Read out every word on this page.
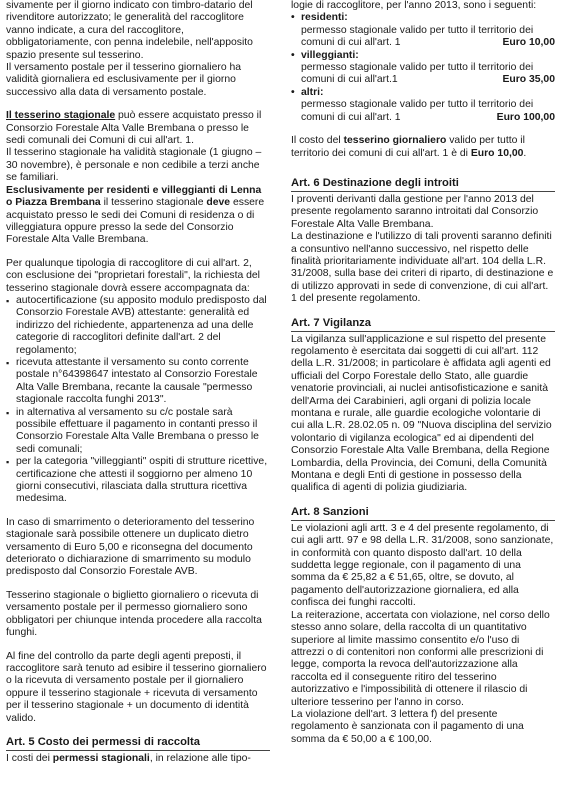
sivamente per il giorno indicato con timbro-datario del rivenditore autorizzato; le generalità del raccoglitore vanno indicate, a cura del raccoglitore, obbligatoriamente, con penna indelebile, nell'apposito spazio presente sul tesserino.

Il versamento postale per il tesserino giornaliero ha validità giornaliera ed esclusivamente per il giorno successivo alla data di versamento postale.

Il tesserino stagionale può essere acquistato presso il Consorzio Forestale Alta Valle Brembana o presso le sedi comunali dei Comuni di cui all'art. 1.

Il tesserino stagionale ha validità stagionale (1 giugno – 30 novembre), è personale e non cedibile a terzi anche se familiari.

Esclusivamente per residenti e villeggianti di Lenna o Piazza Brembana il tesserino stagionale deve essere acquistato presso le sedi dei Comuni di residenza o di villeggiatura oppure presso la sede del Consorzio Forestale Alta Valle Brembana.

Per qualunque tipologia di raccoglitore di cui all'art. 2, con esclusione dei "proprietari forestali", la richiesta del tesserino stagionale dovrà essere accompagnata da:

▪ autocertificazione (su apposito modulo predisposto dal Consorzio Forestale AVB) attestante: generalità ed indirizzo del richiedente, appartenenza ad una delle categorie di raccoglitori definite dall'art. 2 del regolamento;
▪ ricevuta attestante il versamento su conto corrente postale n°64398647 intestato al Consorzio Forestale Alta Valle Brembana, recante la causale "permesso stagionale raccolta funghi 2013".
▪ in alternativa al versamento su c/c postale sarà possibile effettuare il pagamento in contanti presso il Consorzio Forestale Alta Valle Brembana o presso le sedi comunali;
▪ per la categoria "villeggianti" ospiti di strutture ricettive, certificazione che attesti il soggiorno per almeno 10 giorni consecutivi, rilasciata dalla struttura ricettiva medesima.

In caso di smarrimento o deterioramento del tesserino stagionale sarà possibile ottenere un duplicato dietro versamento di Euro 5,00 e riconsegna del documento deteriorato o dichiarazione di smarrimento su modulo predisposto dal Consorzio Forestale AVB.

Tesserino stagionale o biglietto giornaliero o ricevuta di versamento postale per il permesso giornaliero sono obbligatori per chiunque intenda procedere alla raccolta funghi.

Al fine del controllo da parte degli agenti preposti, il raccoglitore sarà tenuto ad esibire il tesserino giornaliero o la ricevuta di versamento postale per il giornaliero oppure il tesserino stagionale + ricevuta di versamento per il tesserino stagionale + un documento di identità valido.

Art. 5 Costo dei permessi di raccolta

I costi dei permessi stagionali, in relazione alle tipo-

logie di raccoglitore, per l'anno 2013, sono i seguenti:

• residenti:
permesso stagionale valido per tutto il territorio dei comuni di cui all'art. 1	Euro 10,00
• villeggianti:
permesso stagionale valido per tutto il territorio dei comuni di cui all'art.1	Euro 35,00
• altri:
permesso stagionale valido per tutto il territorio dei comuni di cui all'art. 1	Euro 100,00

Il costo del tesserino giornaliero valido per tutto il territorio dei comuni di cui all'art. 1 è di Euro 10,00.

Art. 6 Destinazione degli introiti

I proventi derivanti dalla gestione per l'anno 2013 del presente regolamento saranno introitati dal Consorzio Forestale Alta Valle Brembana.

La destinazione e l'utilizzo di tali proventi saranno definiti a consuntivo nell'anno successivo, nel rispetto delle finalità prioritariamente individuate all'art. 104 della L.R. 31/2008, sulla base dei criteri di riparto, di destinazione e di utilizzo approvati in sede di convenzione, di cui all'art. 1 del presente regolamento.

Art. 7 Vigilanza

La vigilanza sull'applicazione e sul rispetto del presente regolamento è esercitata dai soggetti di cui all'art. 112 della L.R. 31/2008; in particolare è affidata agli agenti ed ufficiali del Corpo Forestale dello Stato, alle guardie venatorie provinciali, ai nuclei antisofisticazione e sanità dell'Arma dei Carabinieri, agli organi di polizia locale montana e rurale, alle guardie ecologiche volontarie di cui alla L.R. 28.02.05 n. 09 "Nuova disciplina del servizio volontario di vigilanza ecologica" ed ai dipendenti del Consorzio Forestale Alta Valle Brembana, della Regione Lombardia, della Provincia, dei Comuni, della Comunità Montana e degli Enti di gestione in possesso della qualifica di agenti di polizia giudiziaria.

Art. 8 Sanzioni

Le violazioni agli artt. 3 e 4 del presente regolamento, di cui agli artt. 97 e 98 della L.R. 31/2008, sono sanzionate, in conformità con quanto disposto dall'art. 10 della suddetta legge regionale, con il pagamento di una somma da € 25,82 a € 51,65, oltre, se dovuto, al pagamento dell'autorizzazione giornaliera, ed alla confisca dei funghi raccolti.

La reiterazione, accertata con violazione, nel corso dello stesso anno solare, della raccolta di un quantitativo superiore al limite massimo consentito e/o l'uso di attrezzi o di contenitori non conformi alle prescrizioni di legge, comporta la revoca dell'autorizzazione alla raccolta ed il conseguente ritiro del tesserino autorizzativo e l'impossibilità di ottenere il rilascio di ulteriore tesserino per l'anno in corso.

La violazione dell'art. 3 lettera f) del presente regolamento è sanzionata con il pagamento di una somma da € 50,00 a € 100,00.
